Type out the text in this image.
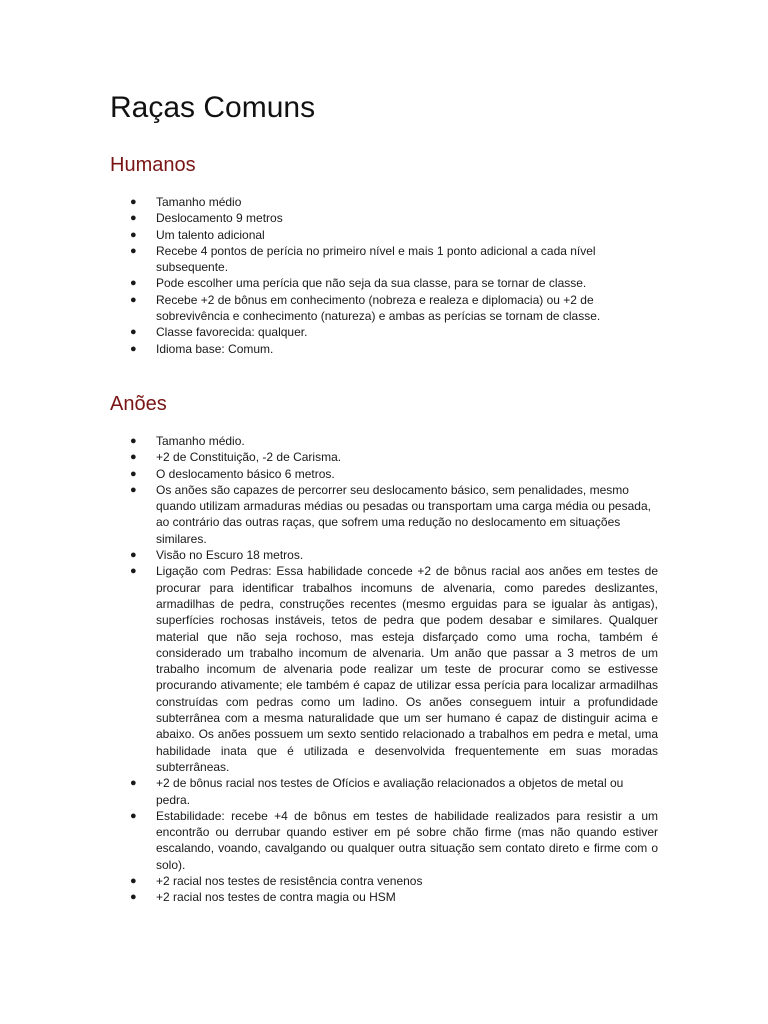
Raças Comuns
Humanos
● Tamanho médio
● Deslocamento 9 metros
● Um talento adicional
● Recebe 4 pontos de perícia no primeiro nível e mais 1 ponto adicional a cada nível subsequente.
● Pode escolher uma perícia que não seja da sua classe, para se tornar de classe.
● Recebe +2 de bônus em conhecimento (nobreza e realeza e diplomacia) ou +2 de sobrevivência e conhecimento (natureza) e ambas as perícias se tornam de classe.
● Classe favorecida: qualquer.
● Idioma base: Comum.
Anões
● Tamanho médio.
● +2 de Constituição, -2 de Carisma.
● O deslocamento básico 6 metros.
● Os anões são capazes de percorrer seu deslocamento básico, sem penalidades, mesmo quando utilizam armaduras médias ou pesadas ou transportam uma carga média ou pesada, ao contrário das outras raças, que sofrem uma redução no deslocamento em situações similares.
● Visão no Escuro 18 metros.
● Ligação com Pedras: Essa habilidade concede +2 de bônus racial aos anões em testes de procurar para identificar trabalhos incomuns de alvenaria, como paredes deslizantes, armadilhas de pedra, construções recentes (mesmo erguidas para se igualar às antigas), superfícies rochosas instáveis, tetos de pedra que podem desabar e similares. Qualquer material que não seja rochoso, mas esteja disfarçado como uma rocha, também é considerado um trabalho incomum de alvenaria. Um anão que passar a 3 metros de um trabalho incomum de alvenaria pode realizar um teste de procurar como se estivesse procurando ativamente; ele também é capaz de utilizar essa perícia para localizar armadilhas construídas com pedras como um ladino. Os anões conseguem intuir a profundidade subterrânea com a mesma naturalidade que um ser humano é capaz de distinguir acima e abaixo. Os anões possuem um sexto sentido relacionado a trabalhos em pedra e metal, uma habilidade inata que é utilizada e desenvolvida frequentemente em suas moradas subterrâneas.
● +2 de bônus racial nos testes de Ofícios e avaliação relacionados a objetos de metal ou pedra.
● Estabilidade: recebe +4 de bônus em testes de habilidade realizados para resistir a um encontrão ou derrubar quando estiver em pé sobre chão firme (mas não quando estiver escalando, voando, cavalgando ou qualquer outra situação sem contato direto e firme com o solo).
● +2 racial nos testes de resistência contra venenos
● +2 racial nos testes de contra magia ou HSM
